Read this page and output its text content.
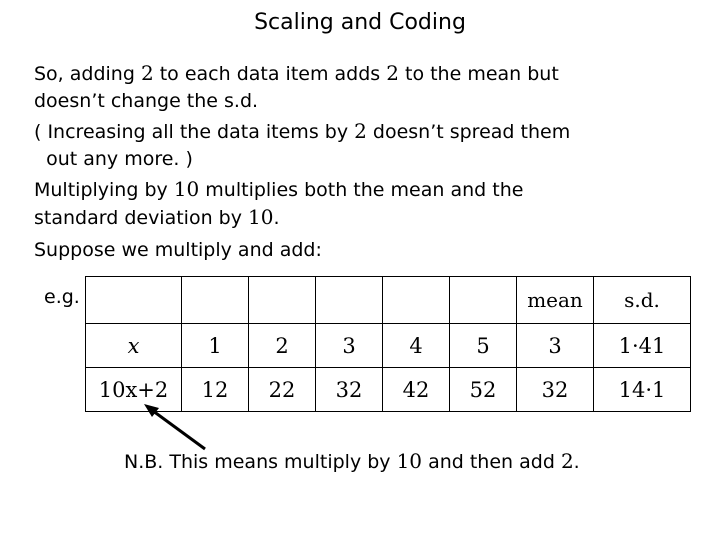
Scaling and Coding
So, adding 2 to each data item adds 2 to the mean but
doesn’t change the s.d.
( Increasing all the data items by 2 doesn’t spread them
out any more. )
Multiplying by 10 multiplies both the mean and the
standard deviation by 10.
Suppose we multiply and add:
e.g.
							mean	s.d.
x	1	2	3	4	5	3	1·41
10x+2	12	22	32	42	52	32	14·1
N.B. This means multiply by 10 and then add 2.
